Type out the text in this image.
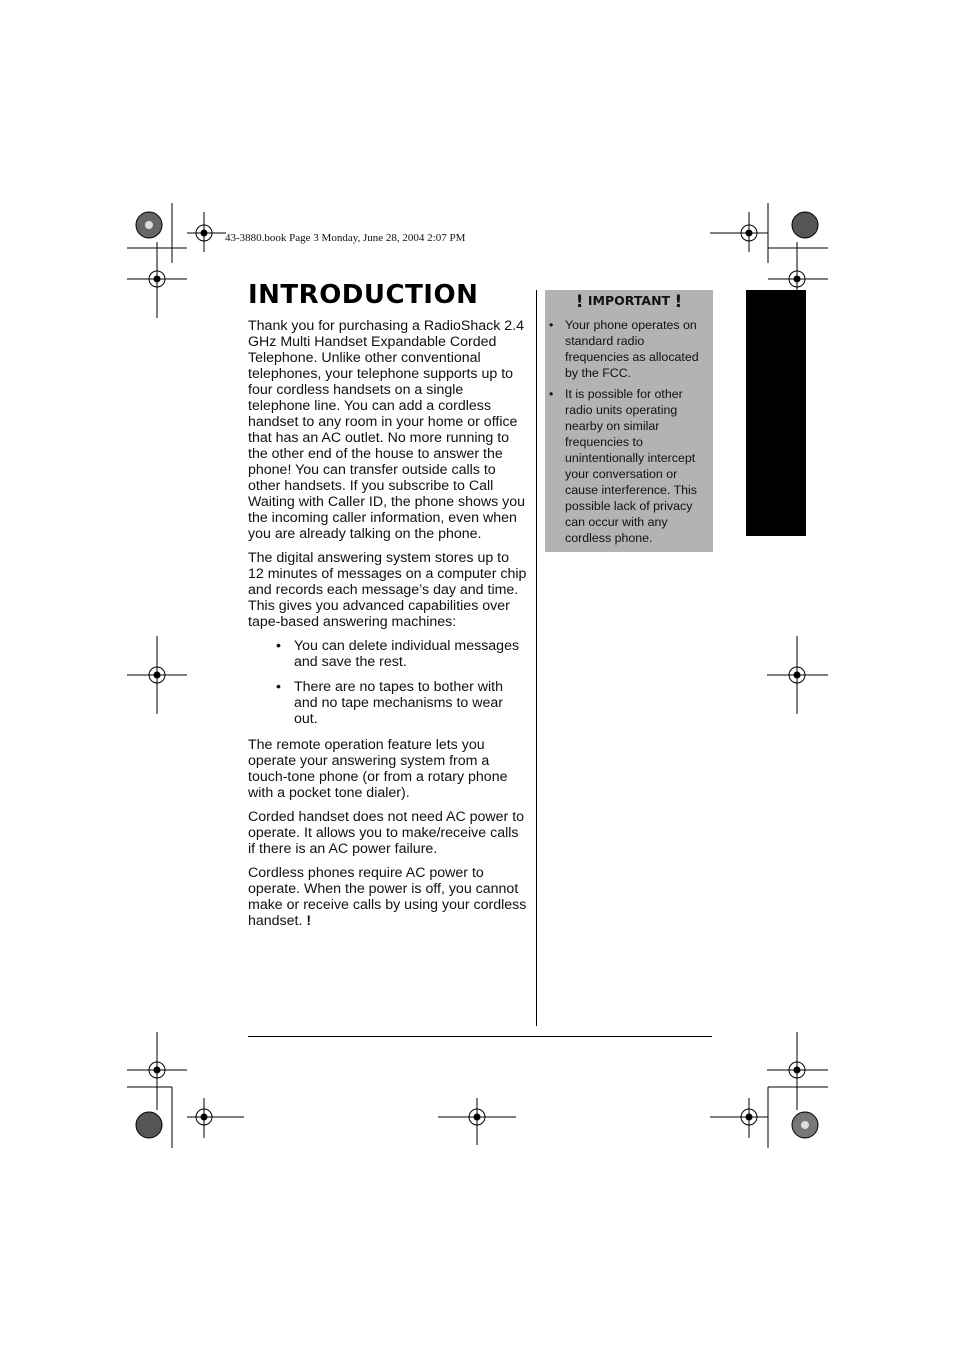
43-3880.book Page 3 Monday, June 28, 2004 2:07 PM
INTRODUCTION

Thank you for purchasing a RadioShack 2.4 GHz Multi Handset Expandable Corded Telephone. Unlike other conventional telephones, your telephone supports up to four cordless handsets on a single telephone line. You can add a cordless handset to any room in your home or office that has an AC outlet. No more running to the other end of the house to answer the phone! You can transfer outside calls to other handsets. If you subscribe to Call Waiting with Caller ID, the phone shows you the incoming caller information, even when you are already talking on the phone.

The digital answering system stores up to 12 minutes of messages on a computer chip and records each message’s day and time. This gives you advanced capabilities over tape-based answering machines:

• You can delete individual messages and save the rest.
• There are no tapes to bother with and no tape mechanisms to wear out.

The remote operation feature lets you operate your answering system from a touch-tone phone (or from a rotary phone with a pocket tone dialer).

Corded handset does not need AC power to operate. It allows you to make/receive calls if there is an AC power failure.

Cordless phones require AC power to operate. When the power is off, you cannot make or receive calls by using your cordless handset. !

! IMPORTANT !
• Your phone operates on standard radio frequencies as allocated by the FCC.
• It is possible for other radio units operating nearby on similar frequencies to unintentionally intercept your conversation or cause interference. This possible lack of privacy can occur with any cordless phone.
